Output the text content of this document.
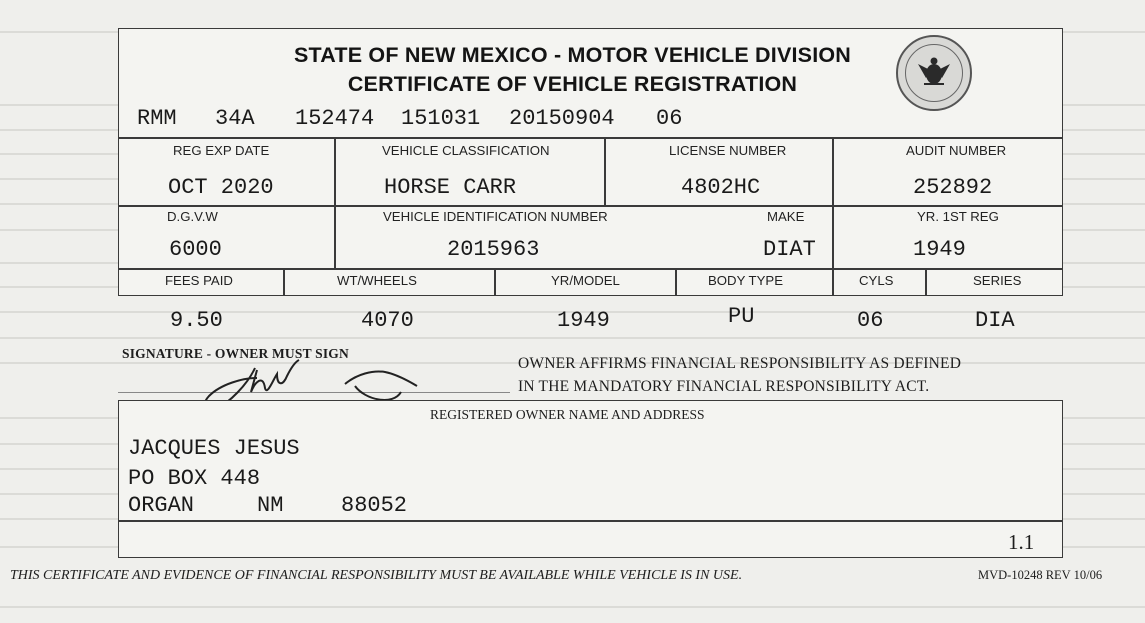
STATE OF NEW MEXICO - MOTOR VEHICLE DIVISION
CERTIFICATE OF VEHICLE REGISTRATION
RMM 34A 152474 151031 20150904 06
REG EXP DATE
OCT 2020
VEHICLE CLASSIFICATION
HORSE CARR
LICENSE NUMBER
4802HC
AUDIT NUMBER
252892
D.G.V.W
6000
VEHICLE IDENTIFICATION NUMBER
2015963
MAKE
DIAT
YR. 1ST REG
1949
FEES PAID
9.50
WT/WHEELS
4070
YR/MODEL
1949
BODY TYPE
PU
CYLS
06
SERIES
DIA
SIGNATURE - OWNER MUST SIGN
OWNER AFFIRMS FINANCIAL RESPONSIBILITY AS DEFINED
IN THE MANDATORY FINANCIAL RESPONSIBILITY ACT.
REGISTERED OWNER NAME AND ADDRESS
JACQUES JESUS
PO BOX 448
ORGAN	NM	88052
1.1
THIS CERTIFICATE AND EVIDENCE OF FINANCIAL RESPONSIBILITY MUST BE AVAILABLE WHILE VEHICLE IS IN USE.	MVD-10248 REV 10/06
